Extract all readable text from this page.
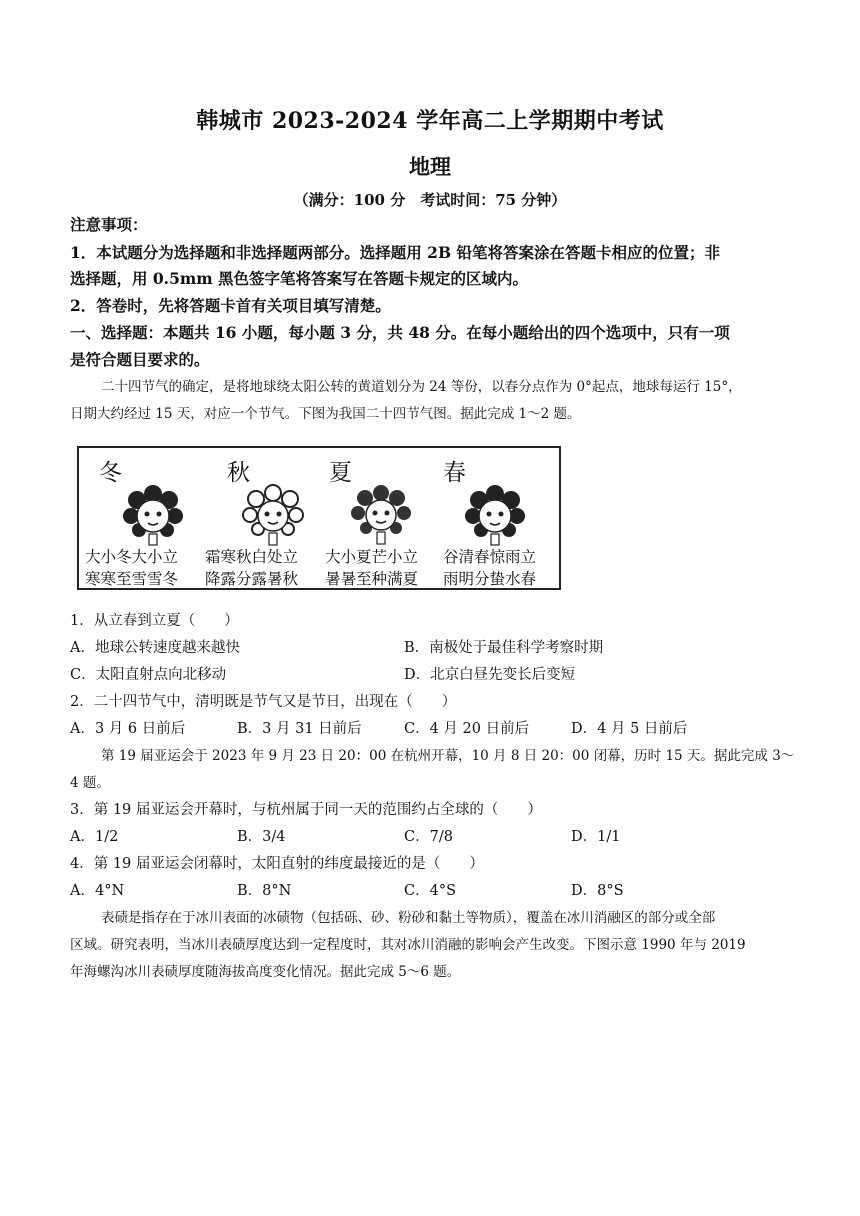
韩城市 2023-2024 学年高二上学期期中考试
地理
（满分：100 分　考试时间：75 分钟）
注意事项：
1．本试题分为选择题和非选择题两部分。选择题用 2B 铅笔将答案涂在答题卡相应的位置；非
选择题，用 0.5mm 黑色签字笔将答案写在答题卡规定的区域内。
2．答卷时，先将答题卡首有关项目填写清楚。
一、选择题：本题共 16 小题，每小题 3 分，共 48 分。在每小题给出的四个选项中，只有一项
是符合题目要求的。
二十四节气的确定，是将地球绕太阳公转的黄道划分为 24 等份，以春分点作为 0°起点，地球每运行 15°，
日期大约经过 15 天，对应一个节气。下图为我国二十四节气图。据此完成 1～2 题。
冬	秋	夏	春
大小冬大小立
寒寒至雪雪冬
霜寒秋白处立
降露分露暑秋
大小夏芒小立
暑暑至种满夏
谷清春惊雨立
雨明分蛰水春
1．从立春到立夏（　　）
A．地球公转速度越来越快	B．南极处于最佳科学考察时期
C．太阳直射点向北移动	D．北京白昼先变长后变短
2．二十四节气中，清明既是节气又是节日，出现在（　　）
A．3 月 6 日前后	B．3 月 31 日前后	C．4 月 20 日前后	D．4 月 5 日前后
第 19 届亚运会于 2023 年 9 月 23 日 20：00 在杭州开幕，10 月 8 日 20：00 闭幕，历时 15 天。据此完成 3～
4 题。
3．第 19 届亚运会开幕时，与杭州属于同一天的范围约占全球的（　　）
A．1/2	B．3/4	C．7/8	D．1/1
4．第 19 届亚运会闭幕时，太阳直射的纬度最接近的是（　　）
A．4°N	B．8°N	C．4°S	D．8°S
表碛是指存在于冰川表面的冰碛物（包括砾、砂、粉砂和黏土等物质），覆盖在冰川消融区的部分或全部
区域。研究表明，当冰川表碛厚度达到一定程度时，其对冰川消融的影响会产生改变。下图示意 1990 年与 2019
年海螺沟冰川表碛厚度随海拔高度变化情况。据此完成 5～6 题。
